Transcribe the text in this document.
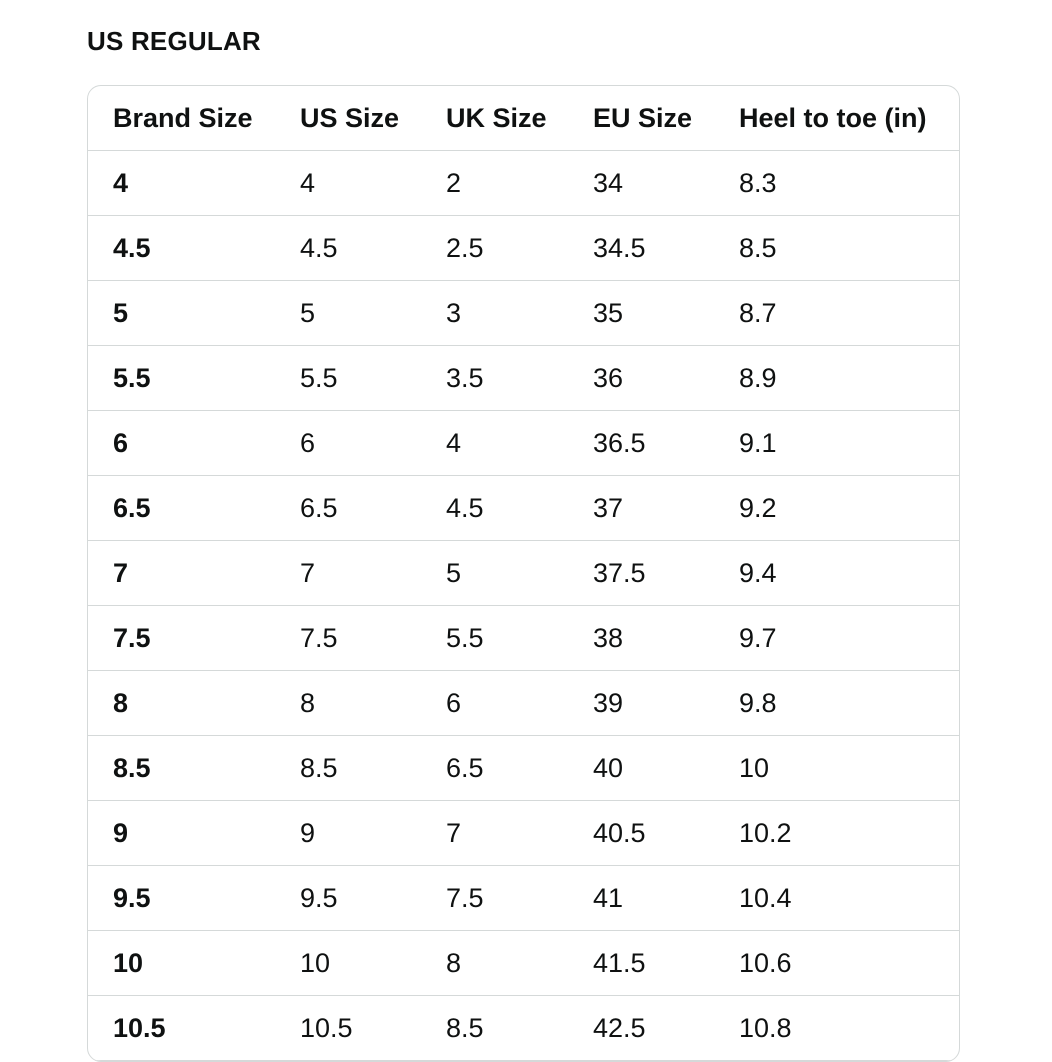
US REGULAR
Brand Size	US Size	UK Size	EU Size	Heel to toe (in)
4	4	2	34	8.3
4.5	4.5	2.5	34.5	8.5
5	5	3	35	8.7
5.5	5.5	3.5	36	8.9
6	6	4	36.5	9.1
6.5	6.5	4.5	37	9.2
7	7	5	37.5	9.4
7.5	7.5	5.5	38	9.7
8	8	6	39	9.8
8.5	8.5	6.5	40	10
9	9	7	40.5	10.2
9.5	9.5	7.5	41	10.4
10	10	8	41.5	10.6
10.5	10.5	8.5	42.5	10.8
